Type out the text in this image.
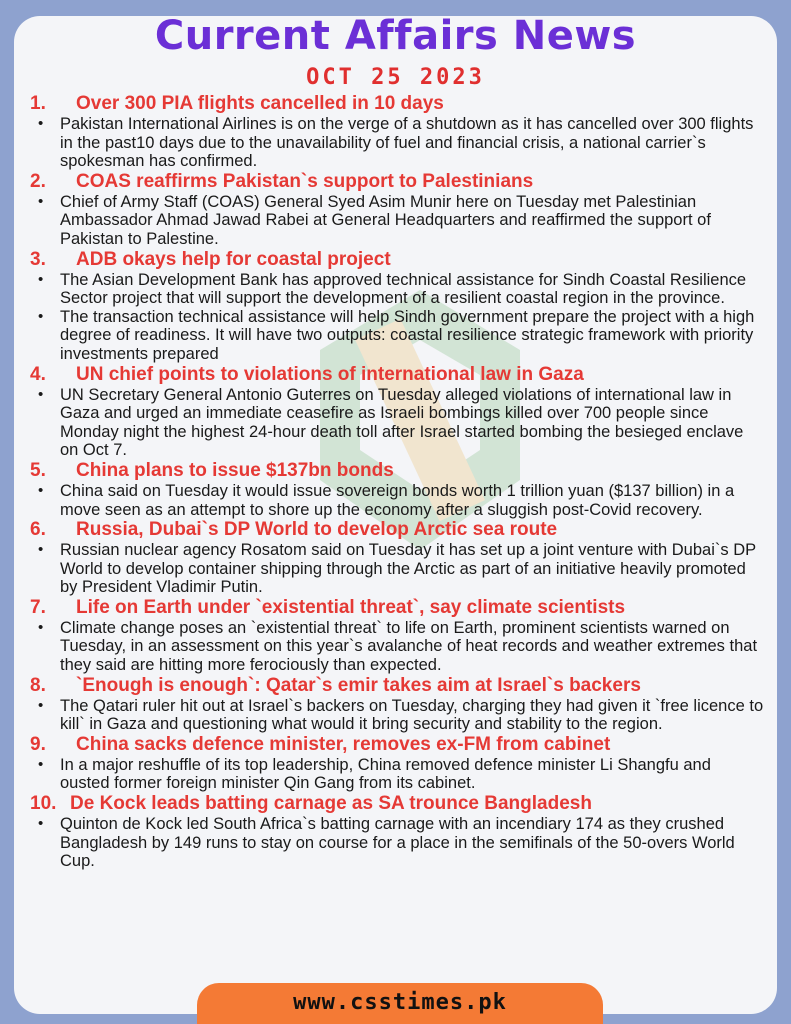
Current Affairs News
OCT 25 2023
1.	Over 300 PIA flights cancelled in 10 days
• Pakistan International Airlines is on the verge of a shutdown as it has cancelled over 300 flights in the past10 days due to the unavailability of fuel and financial crisis, a national carrier`s spokesman has confirmed.
2.	COAS reaffirms Pakistan`s support to Palestinians
• Chief of Army Staff (COAS) General Syed Asim Munir here on Tuesday met Palestinian Ambassador Ahmad Jawad Rabei at General Headquarters and reaffirmed the support of Pakistan to Palestine.
3.	ADB okays help for coastal project
• The Asian Development Bank has approved technical assistance for Sindh Coastal Resilience Sector project that will support the development of a resilient coastal region in the province.
• The transaction technical assistance will help Sindh government prepare the project with a high degree of readiness. It will have two outputs: coastal resilience strategic framework with priority investments prepared
4.	UN chief points to violations of international law in Gaza
• UN Secretary General Antonio Guterres on Tuesday alleged violations of international law in Gaza and urged an immediate ceasefire as Israeli bombings killed over 700 people since Monday night the highest 24-hour death toll after Israel started bombing the besieged enclave on Oct 7.
5.	China plans to issue $137bn bonds
• China said on Tuesday it would issue sovereign bonds worth 1 trillion yuan ($137 billion) in a move seen as an attempt to shore up the economy after a sluggish post-Covid recovery.
6.	Russia, Dubai`s DP World to develop Arctic sea route
• Russian nuclear agency Rosatom said on Tuesday it has set up a joint venture with Dubai`s DP World to develop container shipping through the Arctic as part of an initiative heavily promoted by President Vladimir Putin.
7.	Life on Earth under `existential threat`, say climate scientists
• Climate change poses an `existential threat` to life on Earth, prominent scientists warned on Tuesday, in an assessment on this year`s avalanche of heat records and weather extremes that they said are hitting more ferociously than expected.
8.	`Enough is enough`: Qatar`s emir takes aim at Israel`s backers
• The Qatari ruler hit out at Israel`s backers on Tuesday, charging they had given it `free licence to kill` in Gaza and questioning what would it bring security and stability to the region.
9.	China sacks defence minister, removes ex-FM from cabinet
• In a major reshuffle of its top leadership, China removed defence minister Li Shangfu and ousted former foreign minister Qin Gang from its cabinet.
10. De Kock leads batting carnage as SA trounce Bangladesh
• Quinton de Kock led South Africa`s batting carnage with an incendiary 174 as they crushed Bangladesh by 149 runs to stay on course for a place in the semifinals of the 50-overs World Cup.
www.csstimes.pk
